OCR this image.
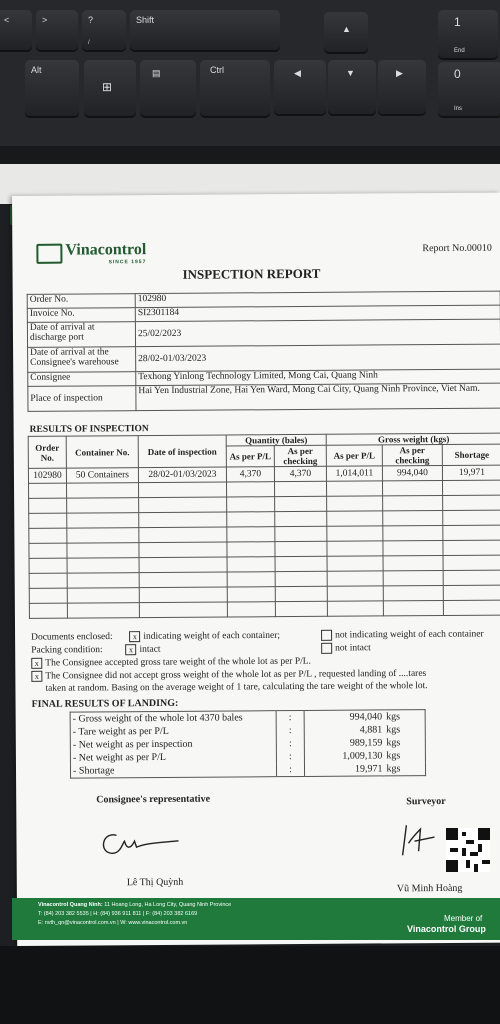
<	>	?
/
Shift
▲	1
End
Alt
⊞
▤	Ctrl	◀	▼	▶	0
Ins
Vinacontrol
SINCE 1957
Report No.00010
INSPECTION REPORT
Order No.	102980
Invoice No.	SI2301184
Date of arrival at discharge port	25/02/2023
Date of arrival at the Consignee's warehouse	28/02-01/03/2023
Consignee	Texhong Yinlong Technology Limited, Mong Cai, Quang Ninh
Place of inspection	Hai Yen Industrial Zone, Hai Yen Ward, Mong Cai City, Quang Ninh Province, Viet Nam.
RESULTS OF INSPECTION
Order No.	Container No.	Date of inspection	Quantity (bales)		Gross weight (kgs)		
			As per P/L	As per checking	As per P/L	As per checking	Shortage
102980	50 Containers	28/02-01/03/2023	4,370	4,370	1,014,011	994,040	19,971

Documents enclosed:	x indicating weight of each container;	not indicating weight of each container
Packing condition:	x intact	not intact
x The Consignee accepted gross tare weight of the whole lot as per P/L.
x The Consignee did not accept gross weight of the whole lot as per P/L , requested landing of ....tares
taken at random. Basing on the average weight of 1 tare, calculating the tare weight of the whole lot.
FINAL RESULTS OF LANDING:
- Gross weight of the whole lot 4370 bales	:	994,040	kgs
- Tare weight as per P/L	:	4,881	kgs
- Net weight as per inspection	:	989,159	kgs
- Net weight as per P/L	:	1,009,130	kgs
- Shortage	:	19,971	kgs
Consignee's representative	Surveyor
Lê Thị Quỳnh
Vũ Minh Hoàng
Vinacontrol Quang Ninh: 11 Hoang Long, Ha Long City, Quang Ninh Province
T: (84) 203 382 5535 | H: (84) 936 911 811 | F: (84) 203 382 6169
E: nvth_qn@vinacontrol.com.vn | W: www.vinacontrol.com.vn	Member of
Vinacontrol Group
